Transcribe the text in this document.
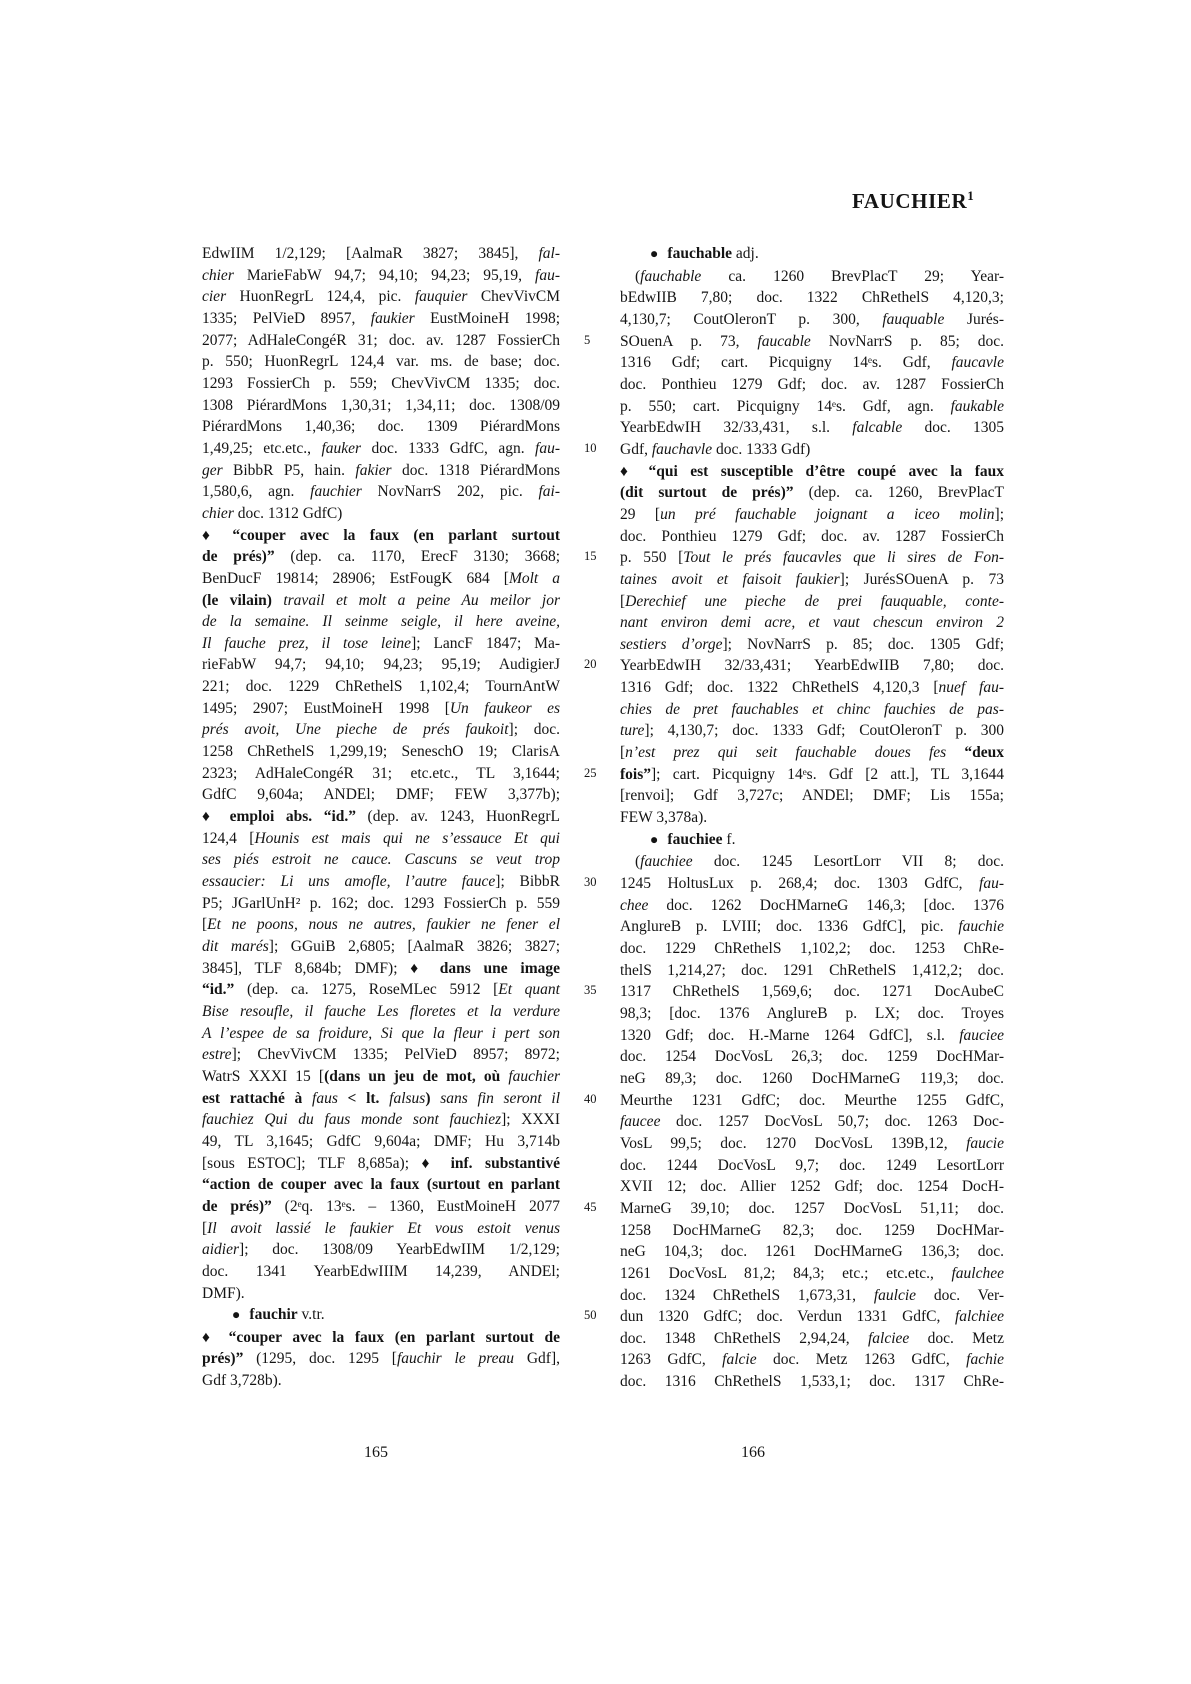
FAUCHIER$^1$
EdwIIM 1/2,129; [AalmaR 3827; 3845], fal-
chier MarieFabW 94,7; 94,10; 94,23; 95,19, fau-
cier HuonRegrL 124,4, pic. fauquier ChevVivCM
1335; PelVieD 8957, faukier EustMoineH 1998;
2077; AdHaleCongéR 31; doc. av. 1287 FossierCh
p. 550; HuonRegrL 124,4 var. ms. de base; doc.
1293 FossierCh p. 559; ChevVivCM 1335; doc.
1308 PiérardMons 1,30,31; 1,34,11; doc. 1308/09
PiérardMons 1,40,36; doc. 1309 PiérardMons
1,49,25; etc.etc., fauker doc. 1333 GdfC, agn. fau-
ger BibbR P5, hain. fakier doc. 1318 PiérardMons
1,580,6, agn. fauchier NovNarrS 202, pic. fai-
chier doc. 1312 GdfC)
♦ “couper avec la faux (en parlant surtout
de prés)” (dep. ca. 1170, ErecF 3130; 3668;
BenDucF 19814; 28906; EstFougK 684 [Molt a
(le vilain) travail et molt a peine Au meilor jor
de la semaine. Il seinme seigle, il here aveine,
Il fauche prez, il tose leine]; LancF 1847; Ma-
rieFabW 94,7; 94,10; 94,23; 95,19; AudigierJ
221; doc. 1229 ChRethelS 1,102,4; TournAntW
1495; 2907; EustMoineH 1998 [Un faukeor es
prés avoit, Une pieche de prés faukoit]; doc.
1258 ChRethelS 1,299,19; SeneschO 19; ClarisA
2323; AdHaleCongéR 31; etc.etc., TL 3,1644;
GdfC 9,604a; ANDEl; DMF; FEW 3,377b);
♦ emploi abs. “id.” (dep. av. 1243, HuonRegrL
124,4 [Hounis est mais qui ne s’essauce Et qui
ses piés estroit ne cauce. Cascuns se veut trop
essaucier: Li uns amofle, l’autre fauce]; BibbR
P5; JGarlUnH² p. 162; doc. 1293 FossierCh p. 559
[Et ne poons, nous ne autres, faukier ne fener el
dit marés]; GGuiB 2,6805; [AalmaR 3826; 3827;
3845], TLF 8,684b; DMF); ♦ dans une image
“id.” (dep. ca. 1275, RoseMLec 5912 [Et quant
Bise resoufle, il fauche Les floretes et la verdure
A l’espee de sa froidure, Si que la fleur i pert son
estre]; ChevVivCM 1335; PelVieD 8957; 8972;
WatrS XXXI 15 [(dans un jeu de mot, où fauchier
est rattaché à faus < lt. falsus) sans fin seront il
fauchiez Qui du faus monde sont fauchiez]; XXXI
49, TL 3,1645; GdfC 9,604a; DMF; Hu 3,714b
[sous ESTOC]; TLF 8,685a); ♦ inf. substantivé
“action de couper avec la faux (surtout en parlant
de prés)” (2ᵉq. 13ᵉs. – 1360, EustMoineH 2077
[Il avoit lassié le faukier Et vous estoit venus
aidier]; doc. 1308/09 YearbEdwIIM 1/2,129;
doc. 1341 YearbEdwIIIM 14,239, ANDEl;
DMF).
● fauchir v.tr.
♦ “couper avec la faux (en parlant surtout de
prés)” (1295, doc. 1295 [fauchir le preau Gdf],
Gdf 3,728b).
● fauchable adj.
(fauchable ca. 1260 BrevPlacT 29; Year-
bEdwIIB 7,80; doc. 1322 ChRethelS 4,120,3;
4,130,7; CoutOleronT p. 300, fauquable Jurés-
5	SOuenA p. 73, faucable NovNarrS p. 85; doc.
1316 Gdf; cart. Picquigny 14ᵉs. Gdf, faucavle
doc. Ponthieu 1279 Gdf; doc. av. 1287 FossierCh
p. 550; cart. Picquigny 14ᵉs. Gdf, agn. faukable
YearbEdwIH 32/33,431, s.l. falcable doc. 1305
10	Gdf, fauchavle doc. 1333 Gdf)
♦ “qui est susceptible d’être coupé avec la faux
(dit surtout de prés)” (dep. ca. 1260, BrevPlacT
29 [un pré fauchable joignant a iceo molin];
doc. Ponthieu 1279 Gdf; doc. av. 1287 FossierCh
15	p. 550 [Tout le prés faucavles que li sires de Fon-
taines avoit et faisoit faukier]; JurésSOuenA p. 73
[Derechief une pieche de prei fauquable, conte-
nant environ demi acre, et vaut chescun environ 2
sestiers d’orge]; NovNarrS p. 85; doc. 1305 Gdf;
20	YearbEdwIH 32/33,431; YearbEdwIIB 7,80; doc.
1316 Gdf; doc. 1322 ChRethelS 4,120,3 [nuef fau-
chies de pret fauchables et chinc fauchies de pas-
ture]; 4,130,7; doc. 1333 Gdf; CoutOleronT p. 300
[n’est prez qui seit fauchable doues fes “deux
25	fois”]; cart. Picquigny 14ᵉs. Gdf [2 att.], TL 3,1644
[renvoi]; Gdf 3,727c; ANDEl; DMF; Lis 155a;
FEW 3,378a).
● fauchiee f.
(fauchiee doc. 1245 LesortLorr VII 8; doc.
30	1245 HoltusLux p. 268,4; doc. 1303 GdfC, fau-
chee doc. 1262 DocHMarneG 146,3; [doc. 1376
AnglureB p. LVIII; doc. 1336 GdfC], pic. fauchie
doc. 1229 ChRethelS 1,102,2; doc. 1253 ChRe-
thelS 1,214,27; doc. 1291 ChRethelS 1,412,2; doc.
35	1317 ChRethelS 1,569,6; doc. 1271 DocAubeC
98,3; [doc. 1376 AnglureB p. LX; doc. Troyes
1320 Gdf; doc. H.-Marne 1264 GdfC], s.l. fauciee
doc. 1254 DocVosL 26,3; doc. 1259 DocHMar-
neG 89,3; doc. 1260 DocHMarneG 119,3; doc.
40	Meurthe 1231 GdfC; doc. Meurthe 1255 GdfC,
faucee doc. 1257 DocVosL 50,7; doc. 1263 Doc-
VosL 99,5; doc. 1270 DocVosL 139B,12, faucie
doc. 1244 DocVosL 9,7; doc. 1249 LesortLorr
XVII 12; doc. Allier 1252 Gdf; doc. 1254 DocH-
45	MarneG 39,10; doc. 1257 DocVosL 51,11; doc.
1258 DocHMarneG 82,3; doc. 1259 DocHMar-
neG 104,3; doc. 1261 DocHMarneG 136,3; doc.
1261 DocVosL 81,2; 84,3; etc.; etc.etc., faulchee
doc. 1324 ChRethelS 1,673,31, faulcie doc. Ver-
50	dun 1320 GdfC; doc. Verdun 1331 GdfC, falchiee
doc. 1348 ChRethelS 2,94,24, falciee doc. Metz
1263 GdfC, falcie doc. Metz 1263 GdfC, fachie
doc. 1316 ChRethelS 1,533,1; doc. 1317 ChRe-
165	166
